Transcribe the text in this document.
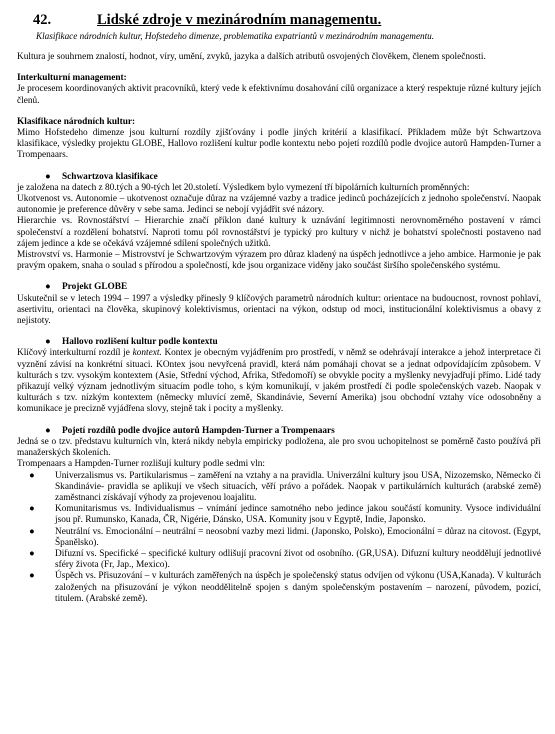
42.	Lidské zdroje v mezinárodním managementu.
Klasifikace národních kultur, Hofstedeho dimenze, problematika expatriantů v mezinárodním managementu.

Kultura je souhrnem znalostí, hodnot, víry, umění, zvyků, jazyka a dalších atributů osvojených člověkem, členem společnosti.

Interkulturní management:

Je procesem koordinovaných aktivit pracovníků, který vede k efektivnímu dosahování cílů organizace a který respektuje různé kultury jejích členů.

Klasifikace národních kultur:

Mimo Hofstedeho dimenze jsou kulturní rozdíly zjišťovány i podle jiných kritérií a klasifikací. Příkladem může být Schwartzova klasifikace, výsledky projektu GLOBE, Hallovo rozlišení kultur podle kontextu nebo pojetí rozdílů podle dvojice autorů Hampden-Turner a Trompenaars.

●	Schwartzova klasifikace

je založena na datech z 80.tých a 90-tých let 20.století. Výsledkem bylo vymezení tří bipolárních kulturních proměnných:

Ukotvenost vs. Autonomie – ukotvenost označuje důraz na vzájemné vazby a tradice jedinců pocházejících z jednoho společenství. Naopak autonomie je preference důvěry v sebe sama. Jedinci se nebojí vyjádřit své názory.

Hierarchie vs. Rovnostářství – Hierarchie značí příklon dané kultury k uznávání legitimnosti nerovnoměrného postavení v rámci společenství a rozdělení bohatství. Naproti tomu pól rovnostářství je typický pro kultury v nichž je bohatství společnosti postaveno nad zájem jedince a kde se očekává vzájemné sdílení společných užitků.

Mistrovství vs. Harmonie – Mistrovství je Schwartzovým výrazem pro důraz kladený na úspěch jednotlivce a jeho ambice. Harmonie je pak pravým opakem, snaha o soulad s přírodou a společností, kde jsou organizace viděny jako součást širšího společenského systému.

●	Projekt GLOBE

Uskutečnil se v letech 1994 – 1997 a výsledky přinesly 9 klíčových parametrů národních kultur: orientace na budoucnost, rovnost pohlaví, asertivitu, orientaci na člověka, skupinový kolektivismus, orientaci na výkon, odstup od moci, institucionální kolektivismus a obavy z nejistoty.

●	Hallovo rozlišení kultur podle kontextu

Klíčový interkulturní rozdíl je kontext. Kontex je obecným vyjádřením pro prostředí, v němž se odehrávají interakce a jehož interpretace či vyznění závisí na konkrétní situaci. KOntex jsou nevyřcená pravidl, která nám pomáhají chovat se a jednat odpovídajícím způsobem. V kulturách s tzv. vysokým kontextem (Asie, Střední východ, Afrika, Středomoří) se obvykle pocity a myšlenky nevyjadřují přímo. Lidé tady přikazují velký význam jednotlivým situacím podle toho, s kým komunikují, v jakém prostředí či podle společenských vazeb. Naopak v kulturách s tzv. nízkým kontextem (německy mluvící země, Skandinávie, Severní Amerika) jsou obchodní vztahy více odosobněny a komunikace je precizně vyjádřena slovy, stejně tak i pocity a myšlenky.

●	Pojetí rozdílů podle dvojice autorů Hampden-Turner a Trompenaars

Jedná se o tzv. představu kulturních vln, která nikdy nebyla empiricky podložena, ale pro svou uchopitelnost se poměrně často používá při manažerských školeních.

Trompenaars a Hampden-Turner rozlišují kultury podle sedmi vln:

●	Univerzalismus vs. Partikularismus – zaměření na vztahy a na pravidla. Univerzální kultury jsou USA, Nizozemsko, Německo či Skandinávie- pravidla se aplikují ve všech situacích, věří právo a pořádek. Naopak v partikulárních kulturách (arabské země) zaměstnanci získávají výhody za projevenou loajalitu.
●	Komunitarismus vs. Individualismus – vnímání jedince samotného nebo jedince jakou součástí komunity. Vysoce individuální jsou př. Rumunsko, Kanada, ČR, Nigérie, Dánsko, USA. Komunity jsou v Egyptě, Indie, Japonsko.
●	Neutrální vs. Emocionální – neutrální = neosobní vazby mezi lidmi. (Japonsko, Polsko), Emocionální = důraz na citovost. (Egypt, Španělsko).
●	Difuzní vs. Specifické – specifické kultury odlišují pracovní život od osobního. (GR,USA). Difuzní kultury neoddělují jednotlivé sféry života (Fr, Jap., Mexico).
●	Úspěch vs. Přisuzování – v kulturách zaměřených na úspěch je společenský status odvíjen od výkonu (USA,Kanada). V kulturách založených na přisuzování je výkon neoddělitelně spojen s daným společenským postavením – narození, původem, pozicí, titulem. (Arabské země).
